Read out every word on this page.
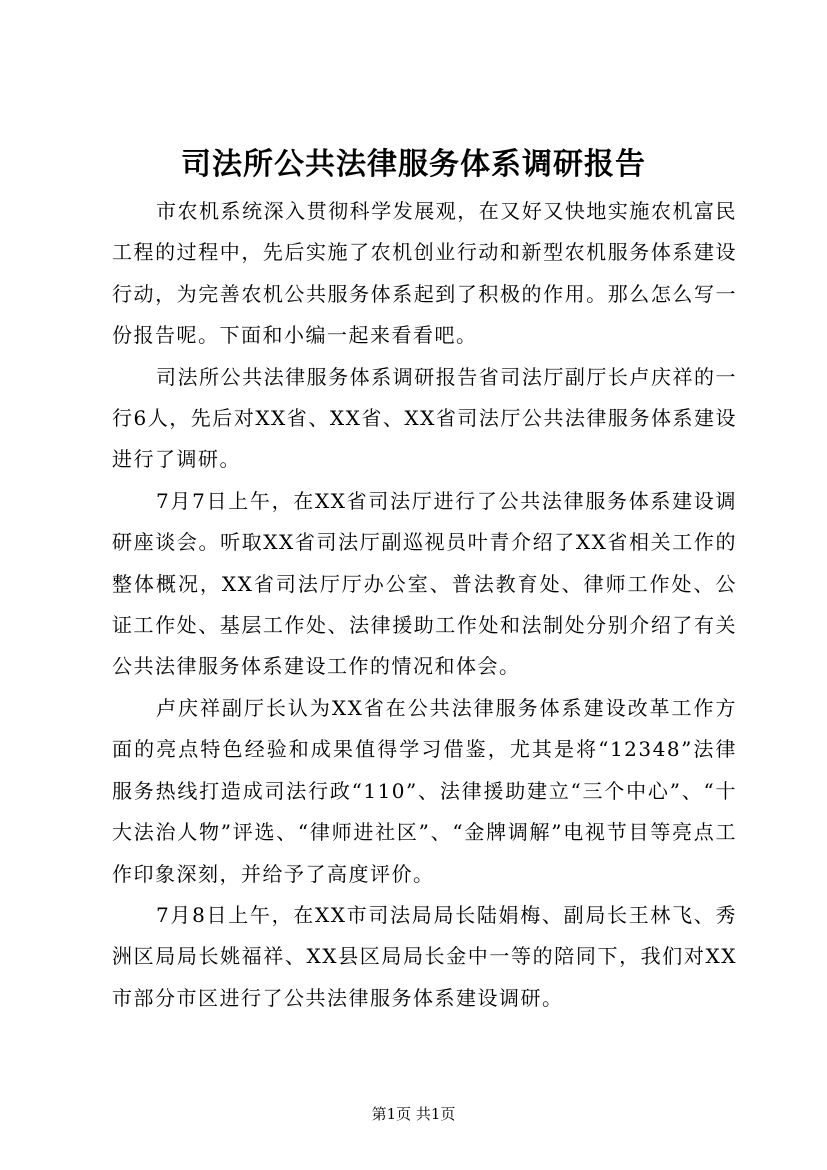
司法所公共法律服务体系调研报告

市农机系统深入贯彻科学发展观，在又好又快地实施农机富民工程的过程中，先后实施了农机创业行动和新型农机服务体系建设行动，为完善农机公共服务体系起到了积极的作用。那么怎么写一份报告呢。下面和小编一起来看看吧。

司法所公共法律服务体系调研报告省司法厅副厅长卢庆祥的一行6人，先后对XX省、XX省、XX省司法厅公共法律服务体系建设进行了调研。

7月7日上午，在XX省司法厅进行了公共法律服务体系建设调研座谈会。听取XX省司法厅副巡视员叶青介绍了XX省相关工作的整体概况，XX省司法厅厅办公室、普法教育处、律师工作处、公证工作处、基层工作处、法律援助工作处和法制处分别介绍了有关公共法律服务体系建设工作的情况和体会。

卢庆祥副厅长认为XX省在公共法律服务体系建设改革工作方面的亮点特色经验和成果值得学习借鉴，尤其是将“12348”法律服务热线打造成司法行政“110”、法律援助建立“三个中心”、“十大法治人物”评选、“律师进社区”、“金牌调解”电视节目等亮点工作印象深刻，并给予了高度评价。

7月8日上午，在XX市司法局局长陆娟梅、副局长王林飞、秀洲区局局长姚福祥、XX县区局局长金中一等的陪同下，我们对XX市部分市区进行了公共法律服务体系建设调研。

第1页 共1页
